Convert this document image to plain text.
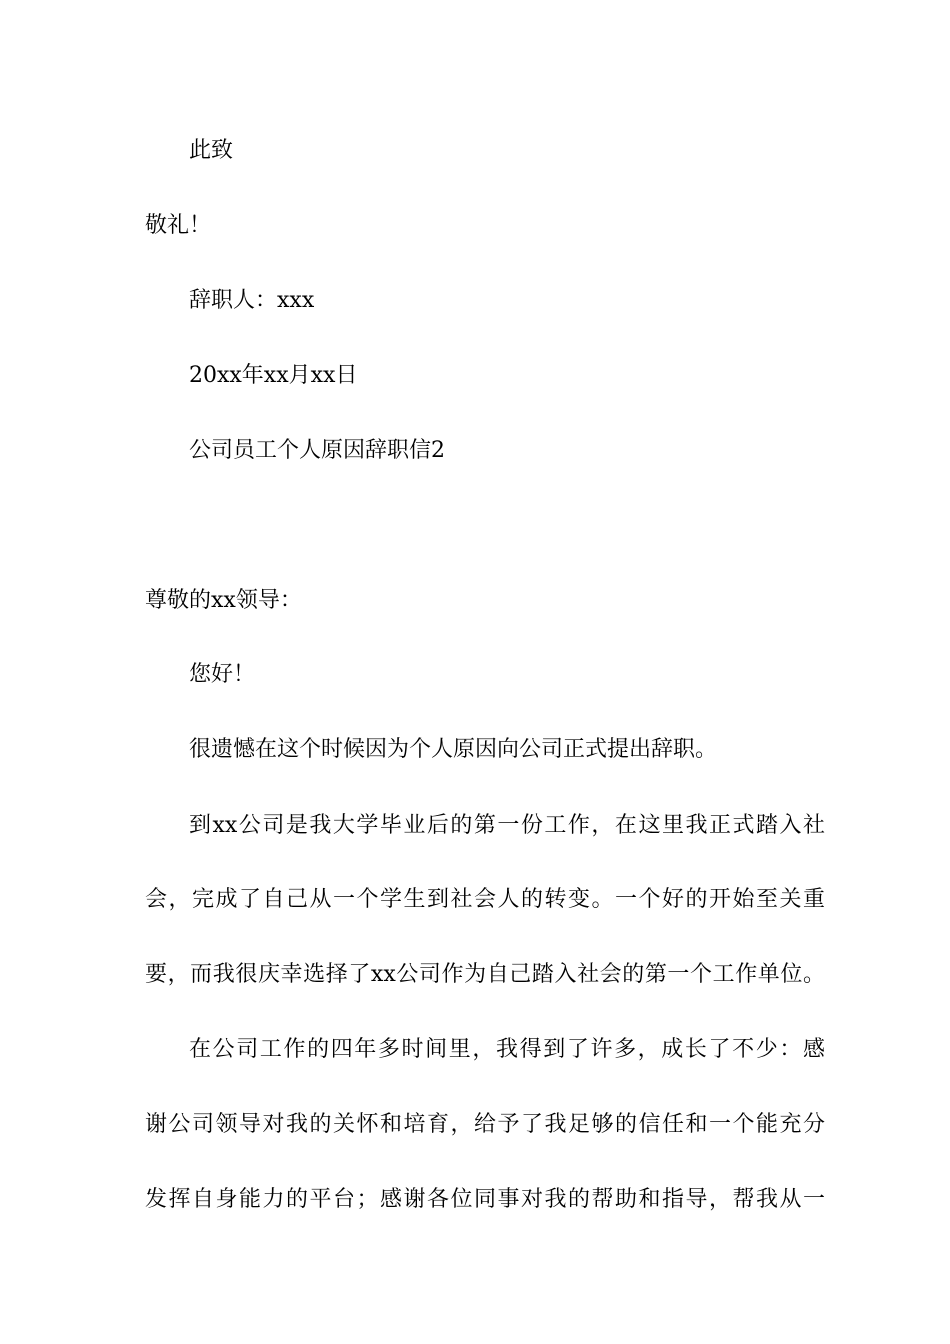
此致
敬礼！
辞职人：xxx
20xx年xx月xx日
公司员工个人原因辞职信2
尊敬的xx领导：
您好！
很遗憾在这个时候因为个人原因向公司正式提出辞职。
到xx公司是我大学毕业后的第一份工作，在这里我正式踏入社
会，完成了自己从一个学生到社会人的转变。一个好的开始至关重
要，而我很庆幸选择了xx公司作为自己踏入社会的第一个工作单位。
在公司工作的四年多时间里，我得到了许多，成长了不少：感
谢公司领导对我的关怀和培育，给予了我足够的信任和一个能充分
发挥自身能力的平台；感谢各位同事对我的帮助和指导，帮我从一
